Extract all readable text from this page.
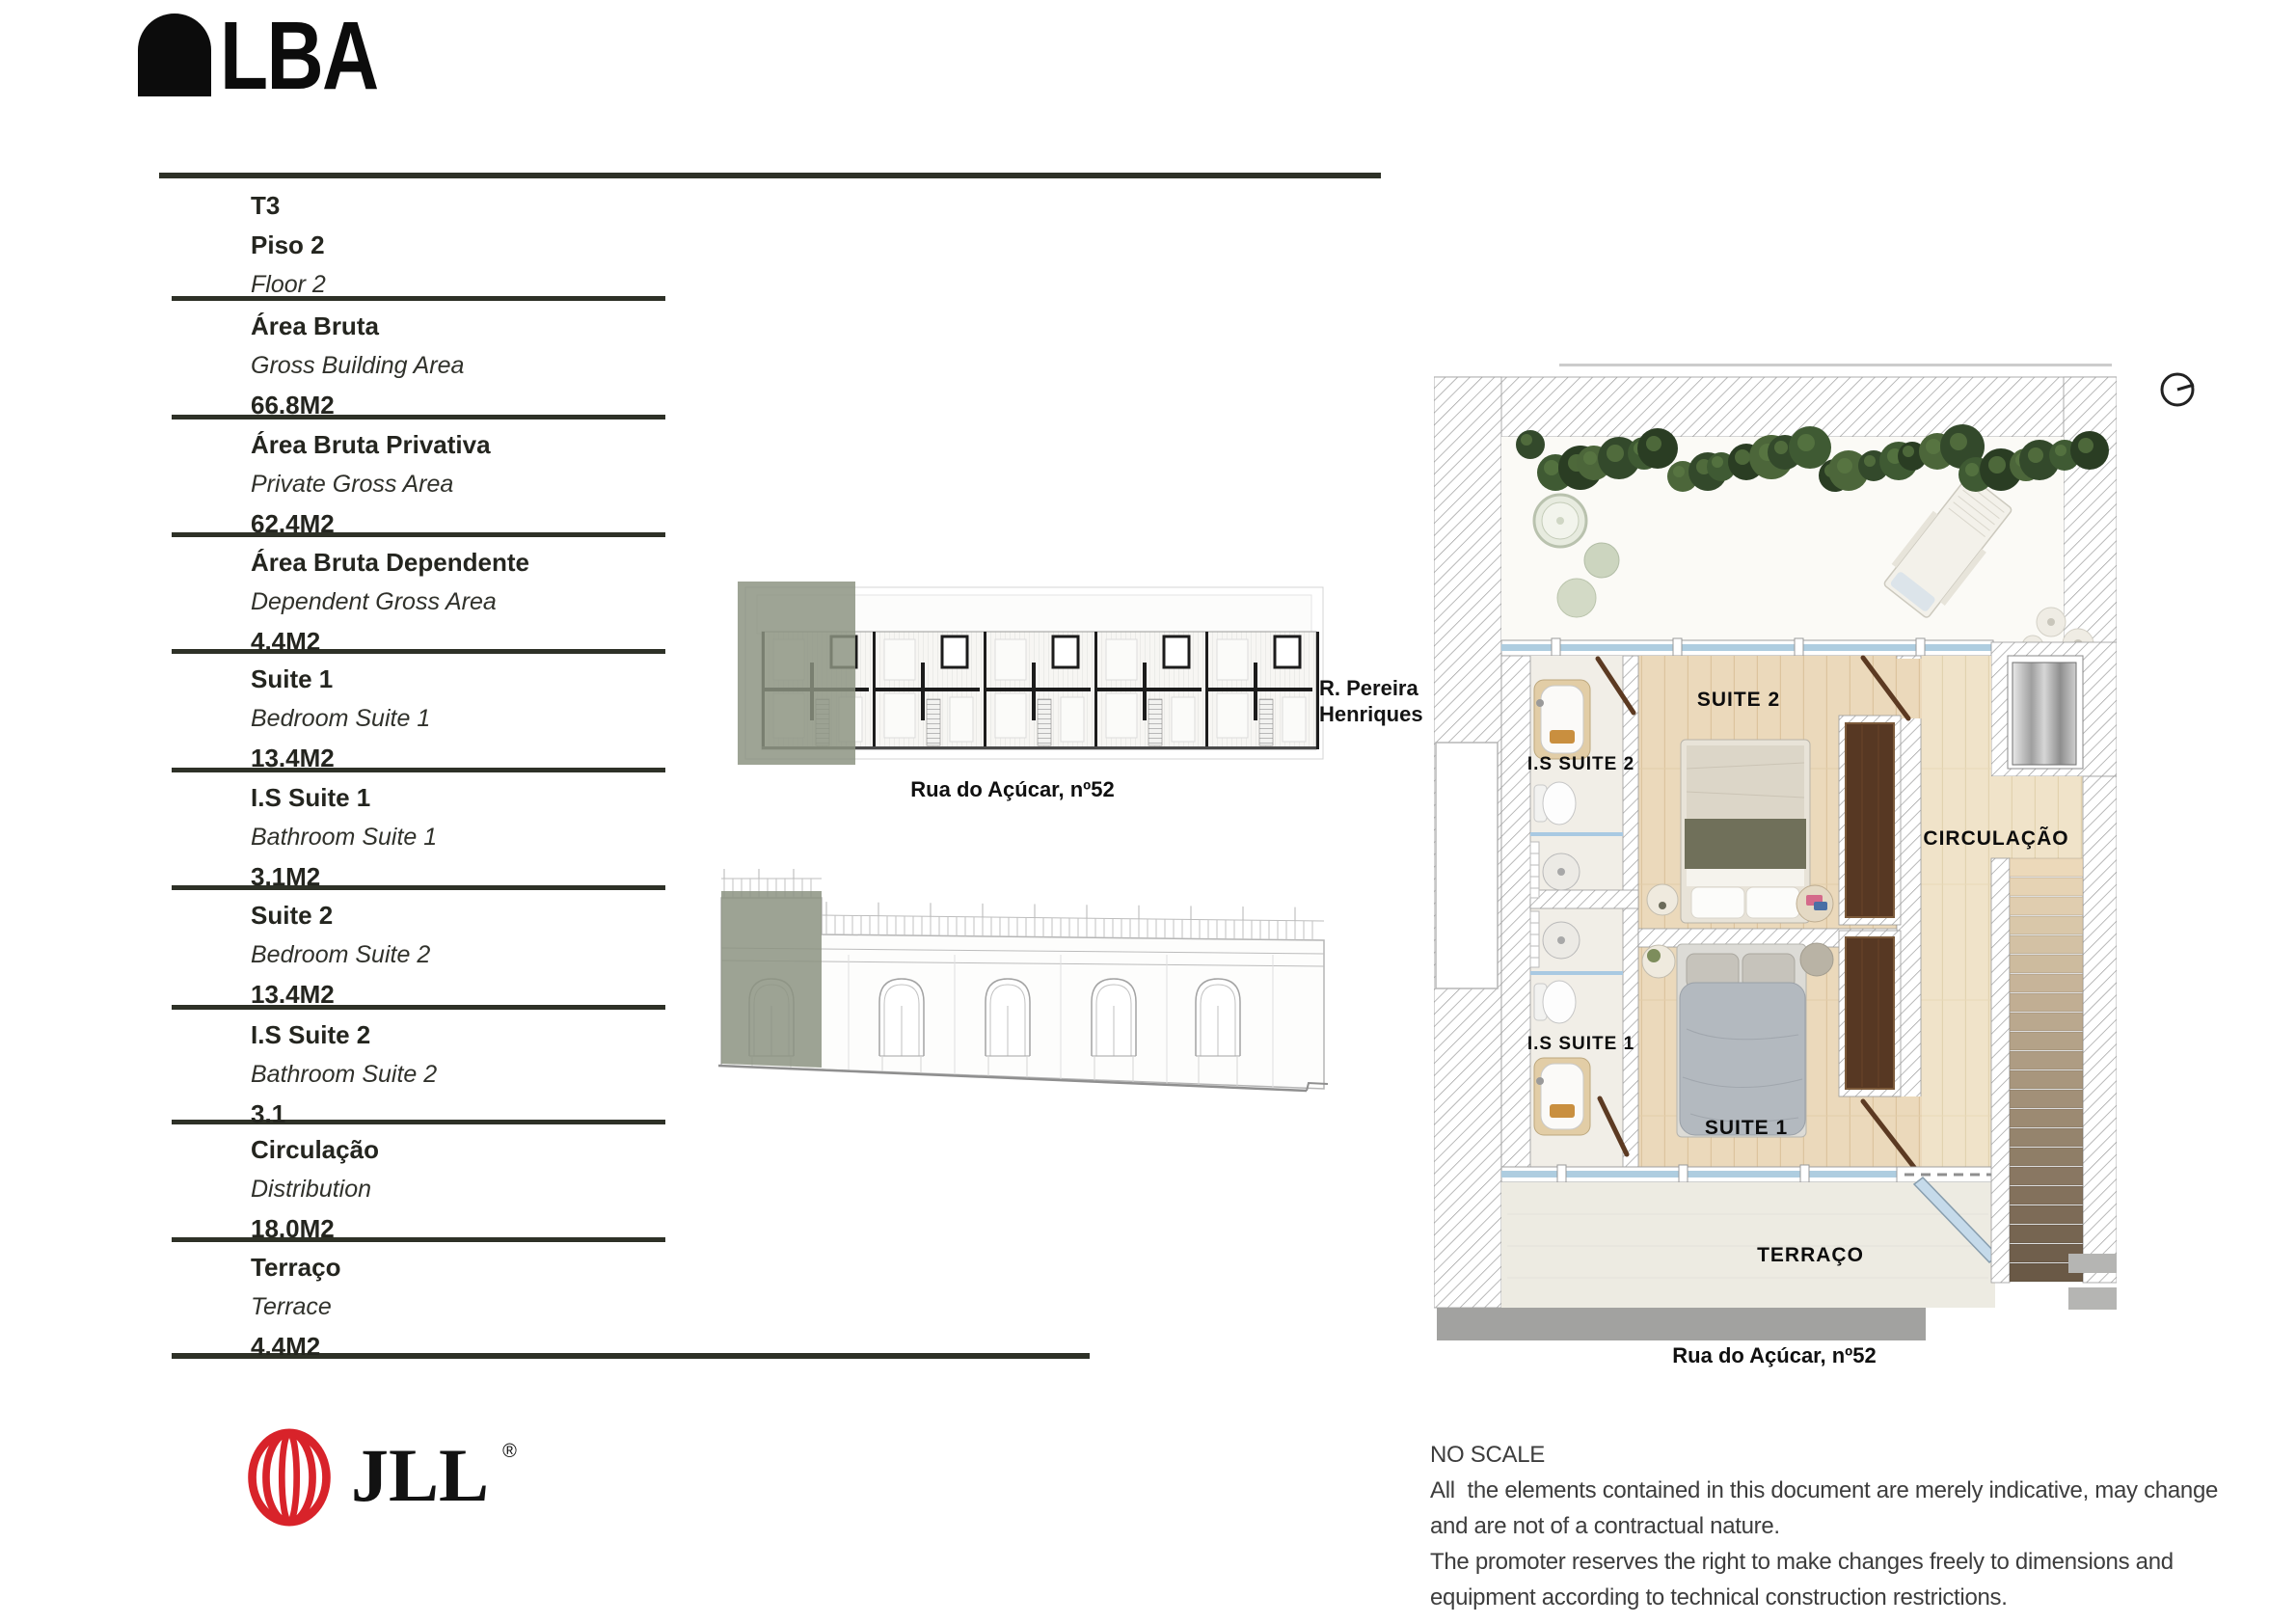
LBA
T3
Piso 2
Floor 2
Área Bruta
Gross Building Area
66.8M2
Área Bruta Privativa
Private Gross Area
62.4M2
Área Bruta Dependente
Dependent Gross Area
4.4M2
Suite 1
Bedroom Suite 1
13.4M2
I.S Suite 1
Bathroom Suite 1
3.1M2
Suite 2
Bedroom Suite 2
13.4M2
I.S Suite 2
Bathroom Suite 2
3.1
Circulação
Distribution
18.0M2
Terraço
Terrace
4.4M2
Rua do Açúcar, nº52
R. Pereira
Henriques
SUITE 2
I.S SUITE 2
CIRCULAÇÃO
I.S SUITE 1
SUITE 1
TERRAÇO
Rua do Açúcar, nº52
JLL ®	NO SCALE
All  the elements contained in this document are merely indicative, may change
and are not of a contractual nature.
The promoter reserves the right to make changes freely to dimensions and
equipment according to technical construction restrictions.
